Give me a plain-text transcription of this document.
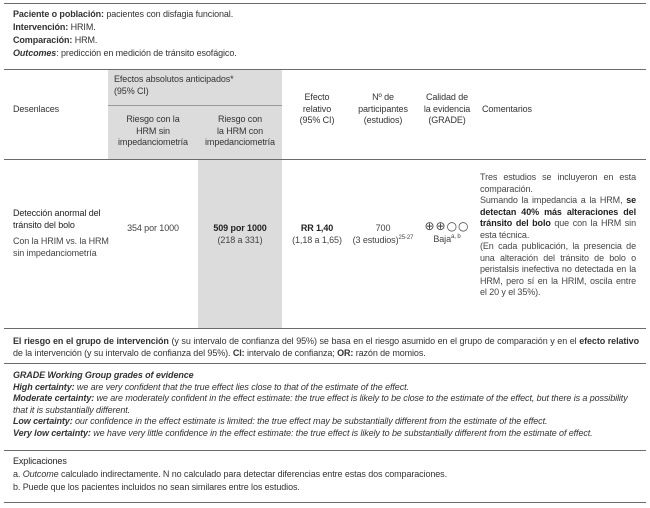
Paciente o población: pacientes con disfagia funcional.
Intervención: HRIM.
Comparación: HRM.
Outcomes: predicción en medición de tránsito esofágico.
Desenlaces
Efectos absolutos anticipados*
(95% CI)
Riesgo con la
HRM sin
impedanciometría
Riesgo con
la HRM con
impedanciometría
Efecto
relativo
(95% CI)
Nº de
participantes
(estudios)
Calidad de
la evidencia
(GRADE)
Comentarios
Detección anormal del tránsito del bolo
Con la HRIM vs. la HRM sin impedanciometría
354 por 1000	509 por 1000
(218 a 331)
RR 1,40
(1,18 a 1,65)
700
(3 estudios)$^{25-27}$
⊕⊕○○
Baja$^{a, b}$

Tres estudios se incluyeron en esta comparación.

Sumando la impedancia a la HRM, se detectan 40% más alteraciones del tránsito del bolo que con la HRM sin esta técnica.

(En cada publicación, la presencia de una alteración del tránsito de bolo o peristalsis inefectiva no detectada en la HRM, pero sí en la HRIM, oscila entre el 20 y el 35%).

El riesgo en el grupo de intervención (y su intervalo de confianza del 95%) se basa en el riesgo asumido en el grupo de comparación y en el efecto relativo de la intervención (y su intervalo de confianza del 95%). CI: intervalo de confianza; OR: razón de momios.
GRADE Working Group grades of evidence
High certainty: we are very confident that the true effect lies close to that of the estimate of the effect.
Moderate certainty: we are moderately confident in the effect estimate: the true effect is likely to be close to the estimate of the effect, but there is a possibility that it is substantially different.
Low certainty: our confidence in the effect estimate is limited: the true effect may be substantially different from the estimate of the effect.
Very low certainty: we have very little confidence in the effect estimate: the true effect is likely to be substantially different from the estimate of effect.
Explicaciones
a. Outcome calculado indirectamente. N no calculado para detectar diferencias entre estas dos comparaciones.
b. Puede que los pacientes incluidos no sean similares entre los estudios.
